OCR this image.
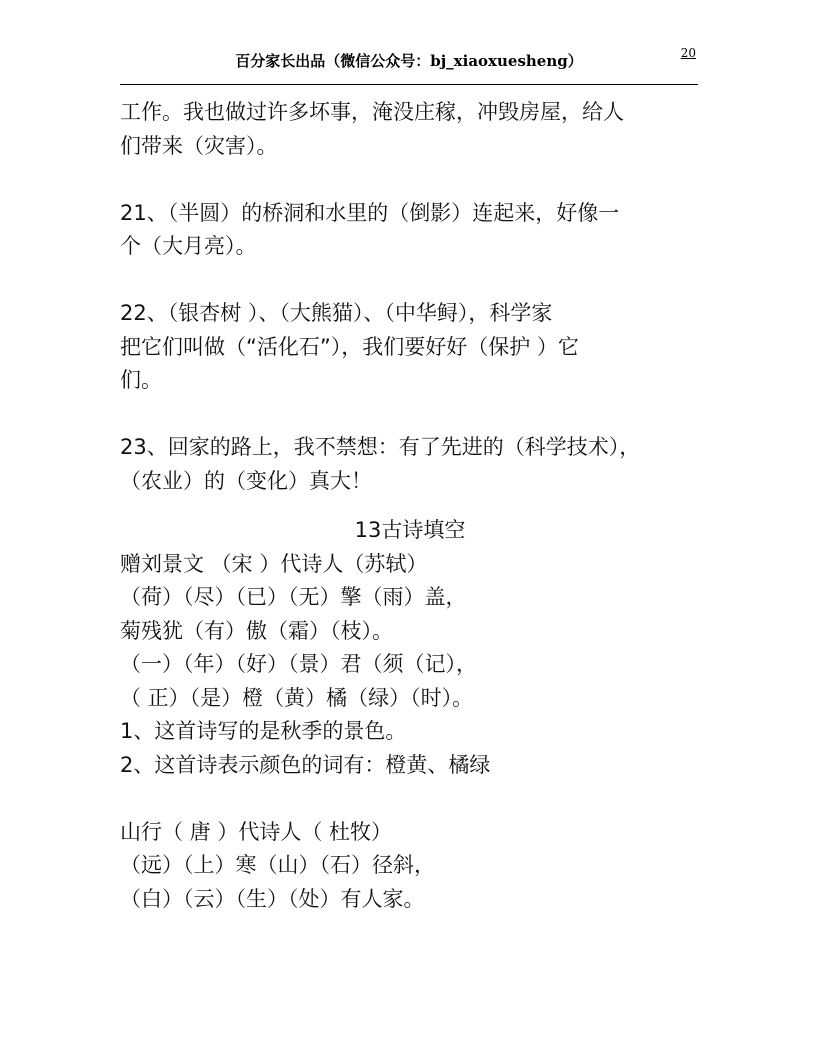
百分家长出品（微信公众号：bj_xiaoxuesheng）	20
工作。我也做过许多坏事，淹没庄稼，冲毁房屋，给人
们带来（灾害）。
21、（半圆）的桥洞和水里的（倒影）连起来，好像一
个（大月亮）。
22、（银杏树 ）、（大熊猫）、（中华鲟），科学家
把它们叫做（“活化石”），我们要好好（保护 ）它
们。
23、回家的路上，我不禁想：有了先进的（科学技术），
（农业）的（变化）真大！
13古诗填空
赠刘景文 （宋 ）代诗人（苏轼）
（荷）（尽）（已）（无）擎（雨）盖，
菊残犹（有）傲（霜）（枝）。
（一）（年）（好）（景）君（须（记），
（ 正）（是）橙（黄）橘（绿）（时）。
1、这首诗写的是秋季的景色。
2、这首诗表示颜色的词有：橙黄、橘绿
山行（ 唐 ）代诗人（ 杜牧）
（远）（上）寒（山）（石）径斜，
（白）（云）（生）（处）有人家。
